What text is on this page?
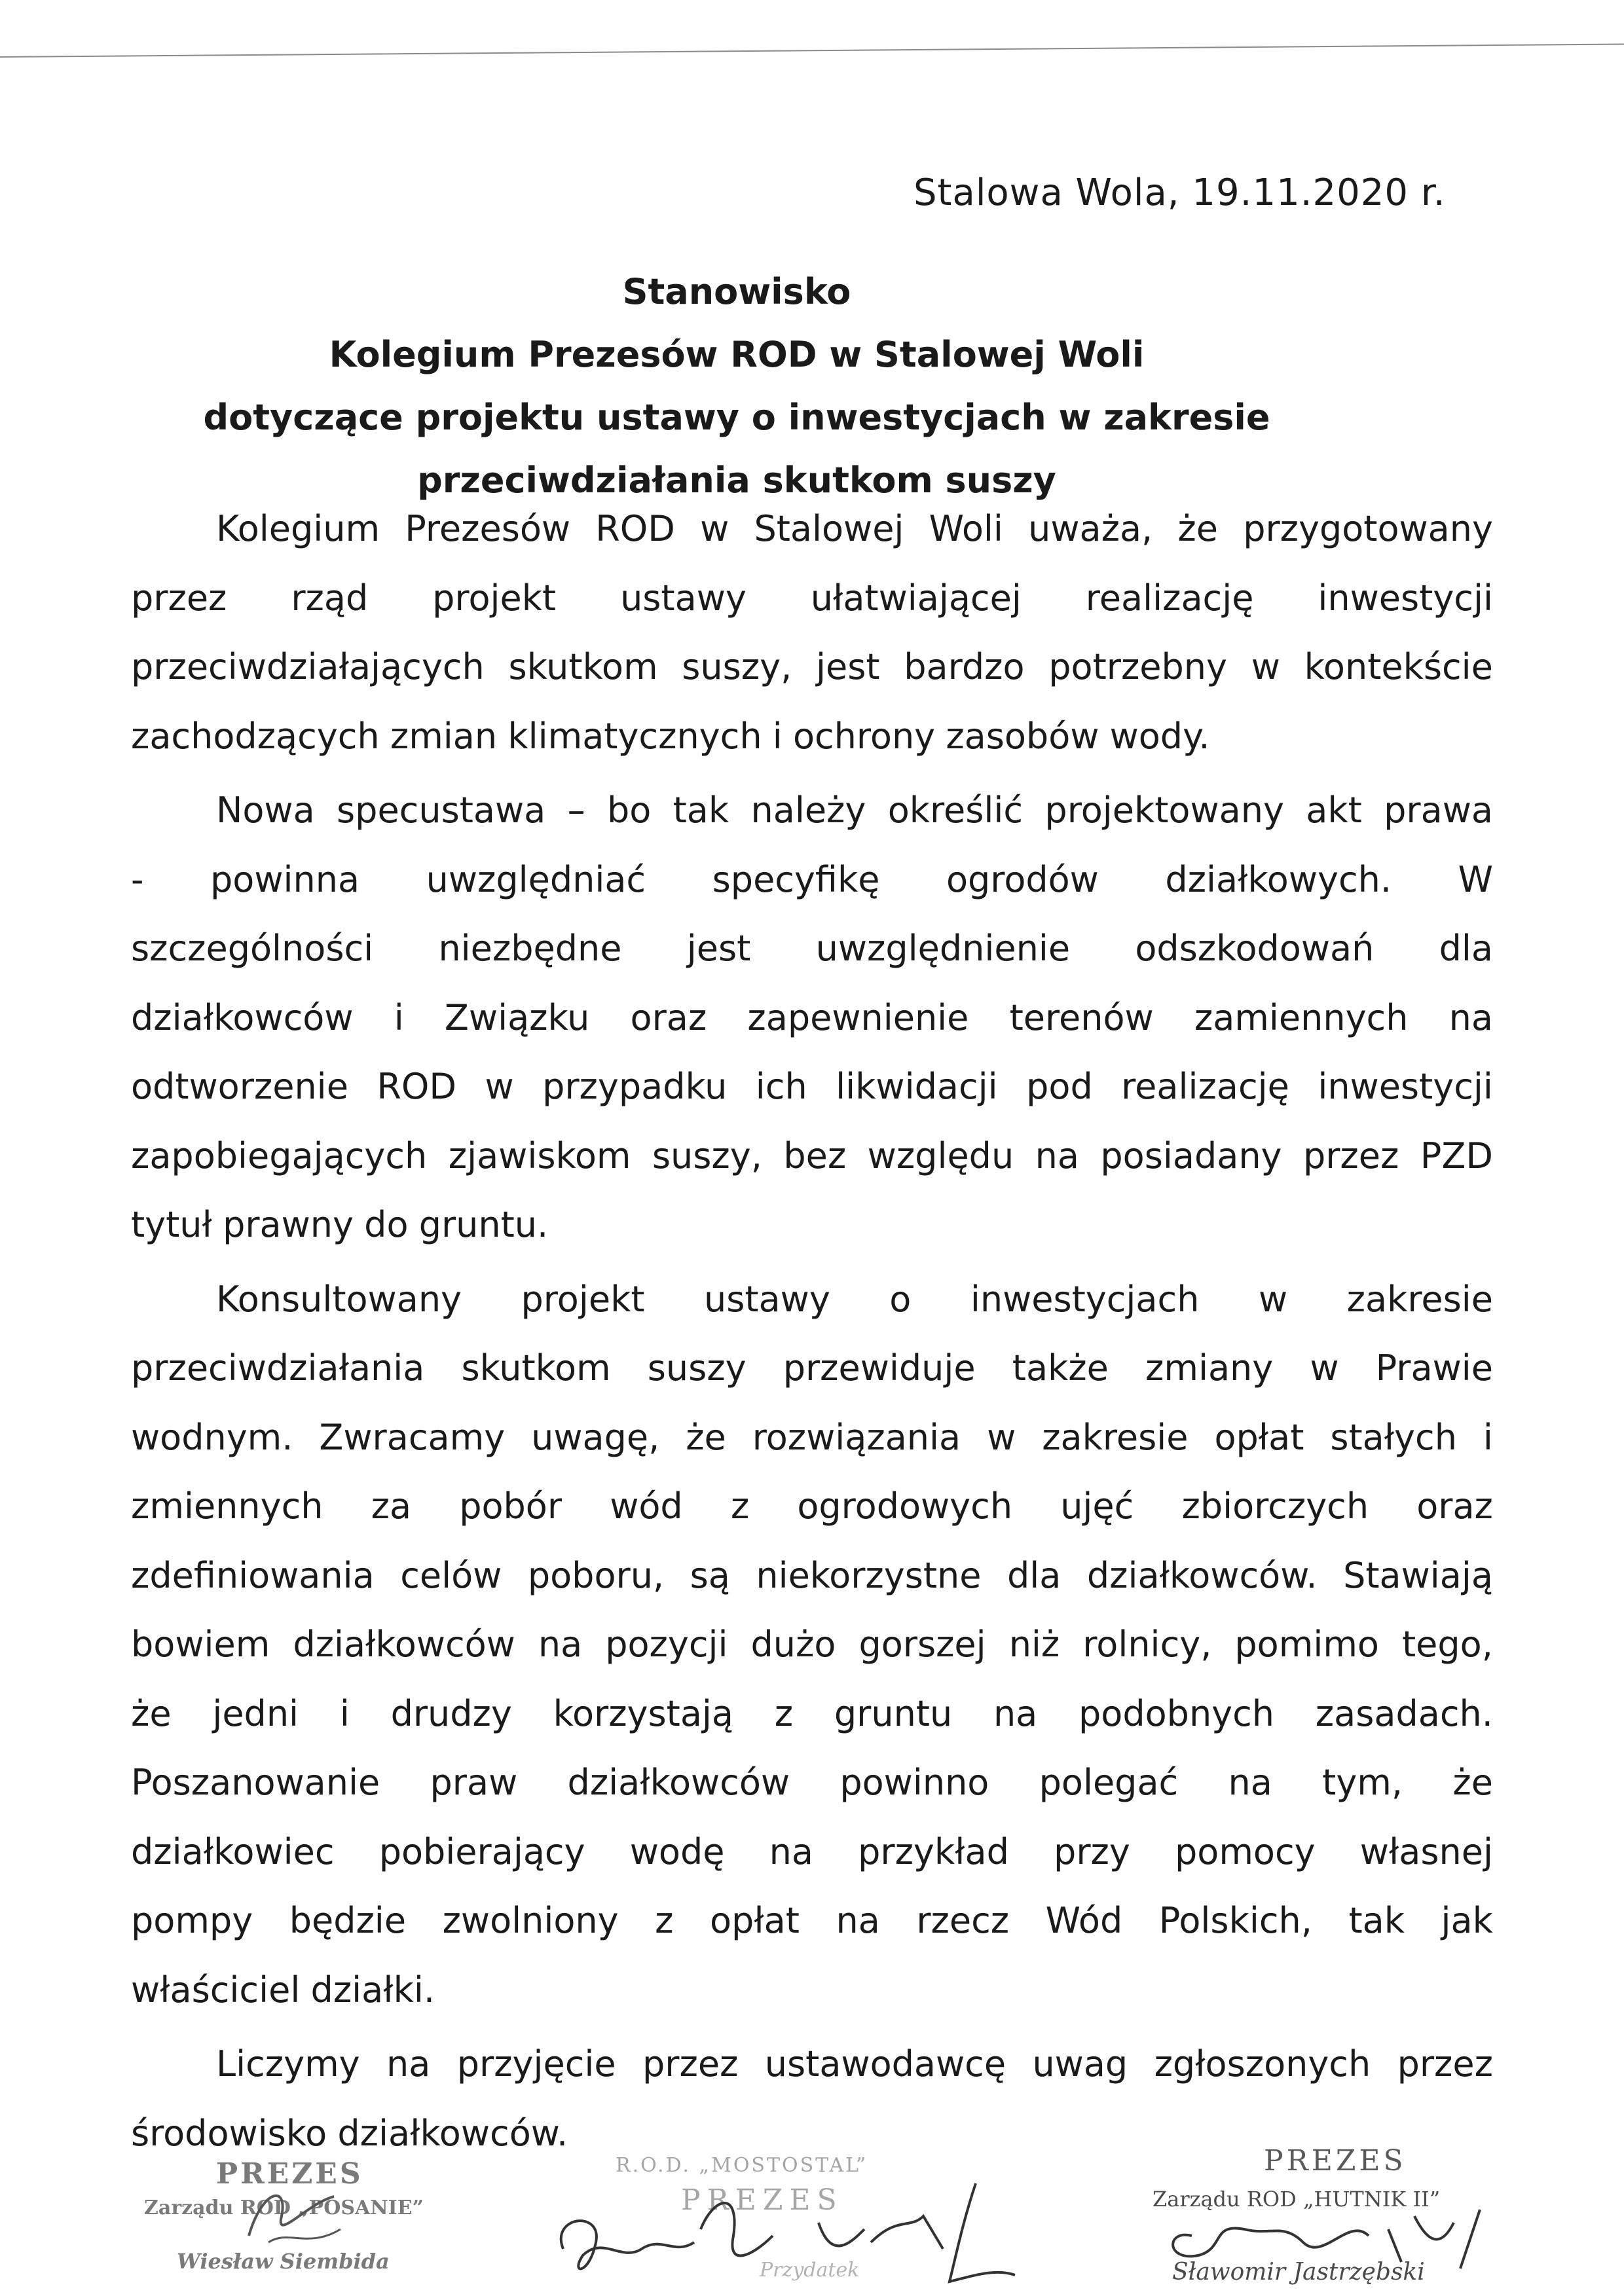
Stalowa Wola, 19.11.2020 r.
Stanowisko
Kolegium Prezesów ROD w Stalowej Woli
dotyczące projektu ustawy o inwestycjach w zakresie
przeciwdziałania skutkom suszy
Kolegium Prezesów ROD w Stalowej Woli uważa, że przygotowany
przez rząd projekt ustawy ułatwiającej realizację inwestycji
przeciwdziałających skutkom suszy, jest bardzo potrzebny w kontekście
zachodzących zmian klimatycznych i ochrony zasobów wody.
Nowa specustawa – bo tak należy określić projektowany akt prawa
- powinna uwzględniać specyfikę ogrodów działkowych. W
szczególności niezbędne jest uwzględnienie odszkodowań dla
działkowców i Związku oraz zapewnienie terenów zamiennych na
odtworzenie ROD w przypadku ich likwidacji pod realizację inwestycji
zapobiegających zjawiskom suszy, bez względu na posiadany przez PZD
tytuł prawny do gruntu.
Konsultowany projekt ustawy o inwestycjach w zakresie
przeciwdziałania skutkom suszy przewiduje także zmiany w Prawie
wodnym. Zwracamy uwagę, że rozwiązania w zakresie opłat stałych i
zmiennych za pobór wód z ogrodowych ujęć zbiorczych oraz
zdefiniowania celów poboru, są niekorzystne dla działkowców. Stawiają
bowiem działkowców na pozycji dużo gorszej niż rolnicy, pomimo tego,
że jedni i drudzy korzystają z gruntu na podobnych zasadach.
Poszanowanie praw działkowców powinno polegać na tym, że
działkowiec pobierający wodę na przykład przy pomocy własnej
pompy będzie zwolniony z opłat na rzecz Wód Polskich, tak jak
właściciel działki.
Liczymy na przyjęcie przez ustawodawcę uwag zgłoszonych przez
środowisko działkowców.
PREZES
Zarządu ROD „POSANIE”
Wiesław Siembida
R.O.D. „MOSTOSTAL”
PREZES
Przydatek
PREZES
Zarządu ROD „HUTNIK II”
Sławomir Jastrzębski
